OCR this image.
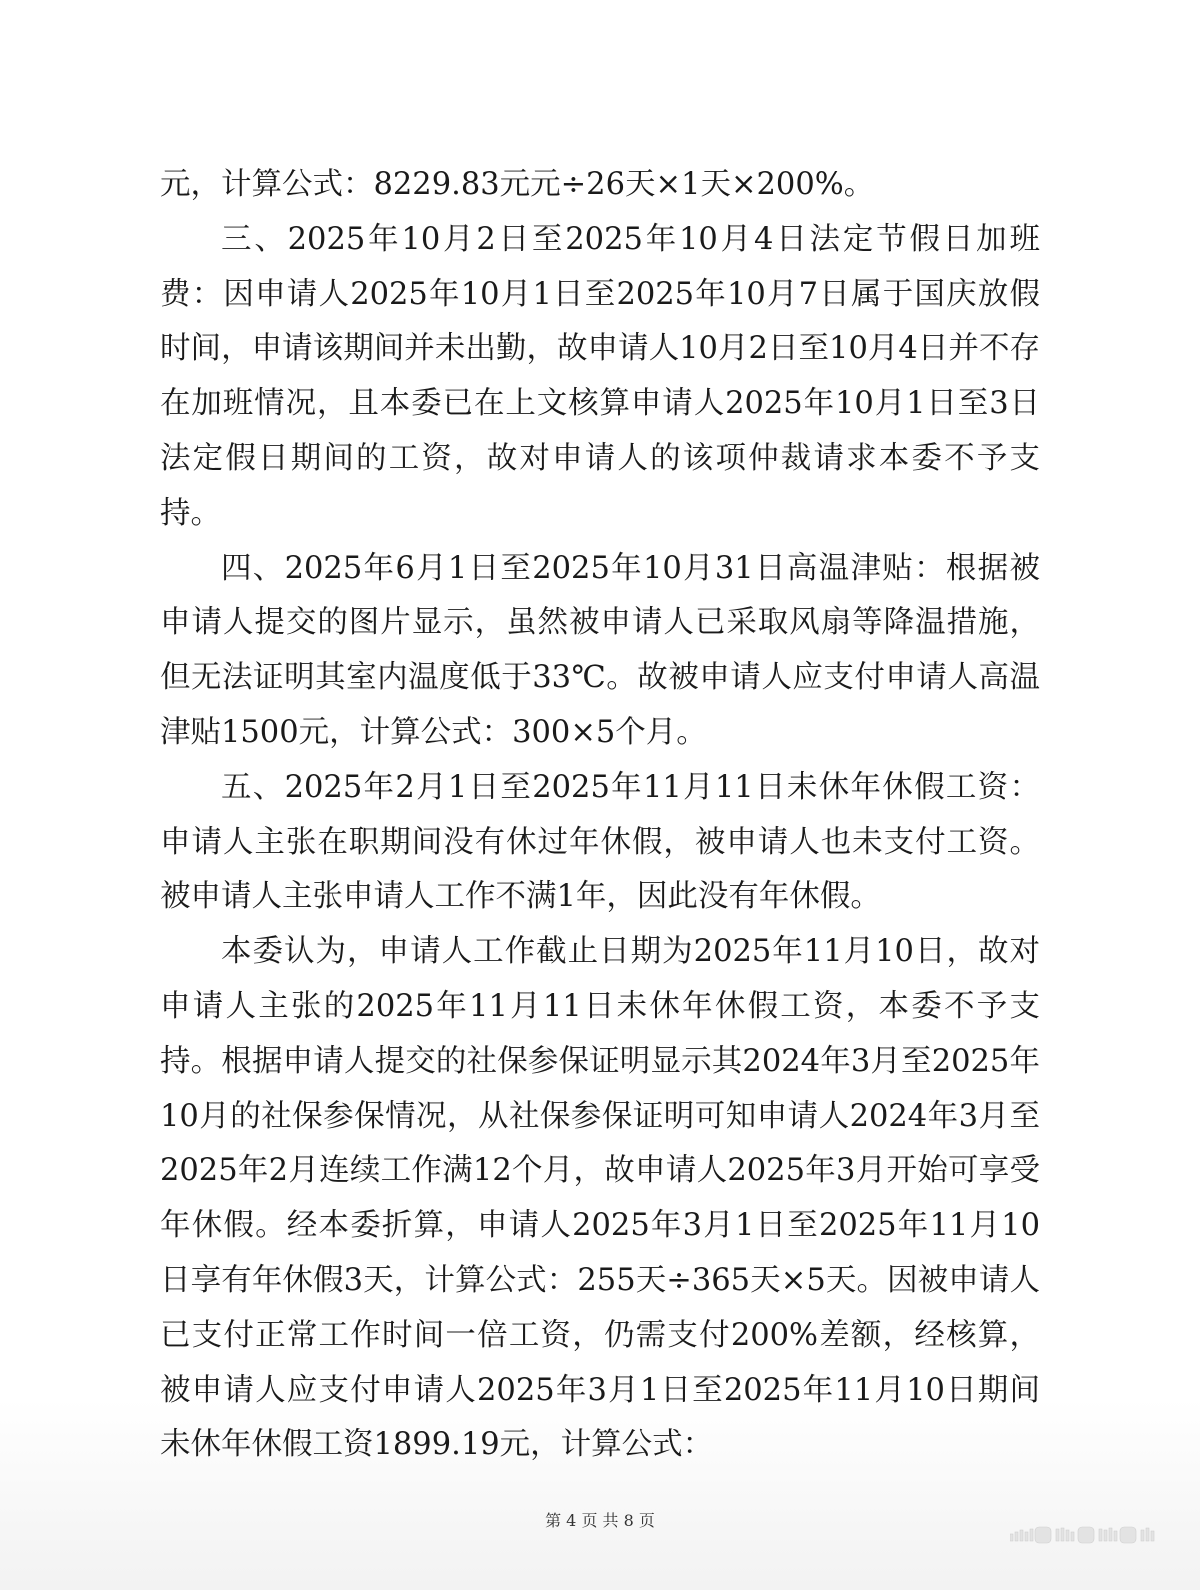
元，计算公式：8229.83元元÷26天×1天×200%。

三、2025年10月2日至2025年10月4日法定节假日加班费：因申请人2025年10月1日至2025年10月7日属于国庆放假时间，申请该期间并未出勤，故申请人10月2日至10月4日并不存在加班情况，且本委已在上文核算申请人2025年10月1日至3日法定假日期间的工资，故对申请人的该项仲裁请求本委不予支持。

四、2025年6月1日至2025年10月31日高温津贴：根据被申请人提交的图片显示，虽然被申请人已采取风扇等降温措施，但无法证明其室内温度低于33℃。故被申请人应支付申请人高温津贴1500元，计算公式：300×5个月。

五、2025年2月1日至2025年11月11日未休年休假工资：申请人主张在职期间没有休过年休假，被申请人也未支付工资。被申请人主张申请人工作不满1年，因此没有年休假。

本委认为，申请人工作截止日期为2025年11月10日，故对申请人主张的2025年11月11日未休年休假工资，本委不予支持。根据申请人提交的社保参保证明显示其2024年3月至2025年10月的社保参保情况，从社保参保证明可知申请人2024年3月至2025年2月连续工作满12个月，故申请人2025年3月开始可享受年休假。经本委折算，申请人2025年3月1日至2025年11月10日享有年休假3天，计算公式：255天÷365天×5天。因被申请人已支付正常工作时间一倍工资，仍需支付200%差额，经核算，被申请人应支付申请人2025年3月1日至2025年11月10日期间未休年休假工资1899.19元，计算公式：

第 4 页 共 8 页
